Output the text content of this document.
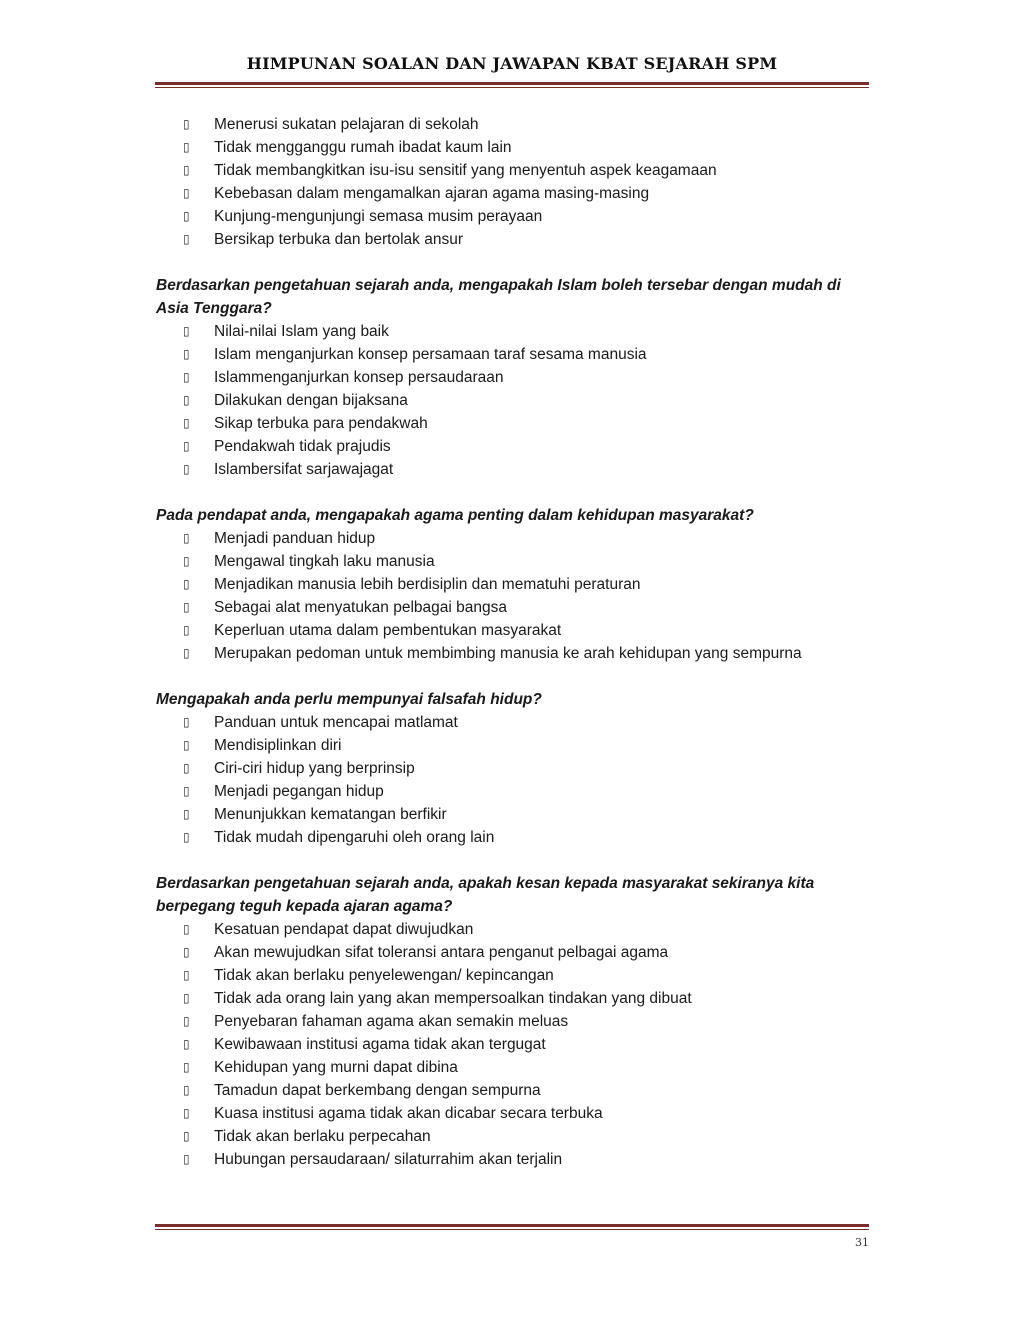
HIMPUNAN SOALAN DAN JAWAPAN KBAT SEJARAH SPM
▯ Menerusi sukatan pelajaran di sekolah
▯ Tidak mengganggu rumah ibadat kaum lain
▯ Tidak membangkitkan isu-isu sensitif yang menyentuh aspek keagamaan
▯ Kebebasan dalam mengamalkan ajaran agama masing-masing
▯ Kunjung-mengunjungi semasa musim perayaan
▯ Bersikap terbuka dan bertolak ansur

Berdasarkan pengetahuan sejarah anda, mengapakah Islam boleh tersebar dengan mudah di Asia Tenggara?

▯ Nilai-nilai Islam yang baik
▯ Islam menganjurkan konsep persamaan taraf sesama manusia
▯ Islammenganjurkan konsep persaudaraan
▯ Dilakukan dengan bijaksana
▯ Sikap terbuka para pendakwah
▯ Pendakwah tidak prajudis
▯ Islambersifat sarjawajagat

Pada pendapat anda, mengapakah agama penting dalam kehidupan masyarakat?

▯ Menjadi panduan hidup
▯ Mengawal tingkah laku manusia
▯ Menjadikan manusia lebih berdisiplin dan mematuhi peraturan
▯ Sebagai alat menyatukan pelbagai bangsa
▯ Keperluan utama dalam pembentukan masyarakat
▯ Merupakan pedoman untuk membimbing manusia ke arah kehidupan yang sempurna

Mengapakah anda perlu mempunyai falsafah hidup?

▯ Panduan untuk mencapai matlamat
▯ Mendisiplinkan diri
▯ Ciri-ciri hidup yang berprinsip
▯ Menjadi pegangan hidup
▯ Menunjukkan kematangan berfikir
▯ Tidak mudah dipengaruhi oleh orang lain

Berdasarkan pengetahuan sejarah anda, apakah kesan kepada masyarakat sekiranya kita berpegang teguh kepada ajaran agama?

▯ Kesatuan pendapat dapat diwujudkan
▯ Akan mewujudkan sifat toleransi antara penganut pelbagai agama
▯ Tidak akan berlaku penyelewengan/ kepincangan
▯ Tidak ada orang lain yang akan mempersoalkan tindakan yang dibuat
▯ Penyebaran fahaman agama akan semakin meluas
▯ Kewibawaan institusi agama tidak akan tergugat
▯ Kehidupan yang murni dapat dibina
▯ Tamadun dapat berkembang dengan sempurna
▯ Kuasa institusi agama tidak akan dicabar secara terbuka
▯ Tidak akan berlaku perpecahan
▯ Hubungan persaudaraan/ silaturrahim akan terjalin
31
